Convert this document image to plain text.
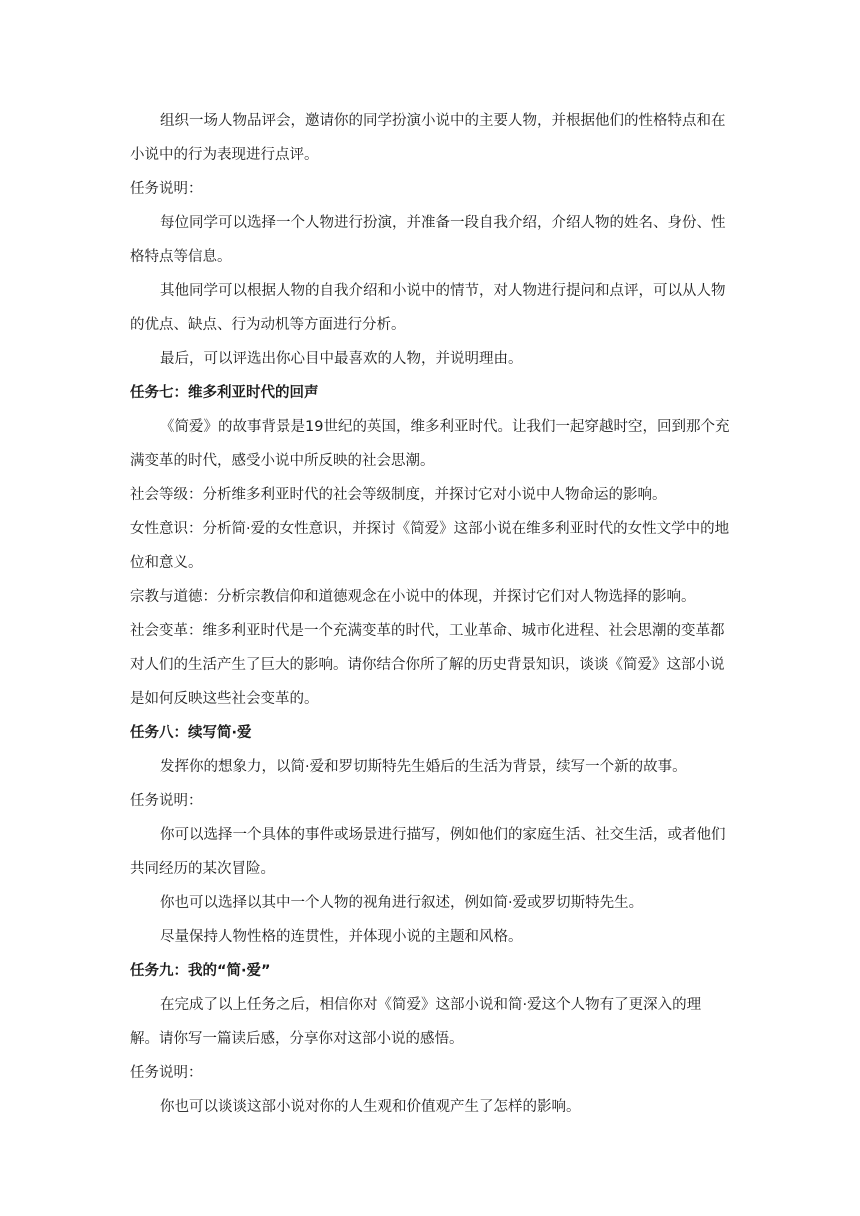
组织一场人物品评会，邀请你的同学扮演小说中的主要人物，并根据他们的性格特点和在小说中的行为表现进行点评。

任务说明：

每位同学可以选择一个人物进行扮演，并准备一段自我介绍，介绍人物的姓名、身份、性格特点等信息。

其他同学可以根据人物的自我介绍和小说中的情节，对人物进行提问和点评，可以从人物的优点、缺点、行为动机等方面进行分析。

最后，可以评选出你心目中最喜欢的人物，并说明理由。

任务七：维多利亚时代的回声

《简爱》的故事背景是19世纪的英国，维多利亚时代。让我们一起穿越时空，回到那个充满变革的时代，感受小说中所反映的社会思潮。

社会等级：分析维多利亚时代的社会等级制度，并探讨它对小说中人物命运的影响。

女性意识：分析简·爱的女性意识，并探讨《简爱》这部小说在维多利亚时代的女性文学中的地位和意义。

宗教与道德：分析宗教信仰和道德观念在小说中的体现，并探讨它们对人物选择的影响。

社会变革：维多利亚时代是一个充满变革的时代，工业革命、城市化进程、社会思潮的变革都对人们的生活产生了巨大的影响。请你结合你所了解的历史背景知识，谈谈《简爱》这部小说是如何反映这些社会变革的。

任务八：续写简·爱

发挥你的想象力，以简·爱和罗切斯特先生婚后的生活为背景，续写一个新的故事。

任务说明：

你可以选择一个具体的事件或场景进行描写，例如他们的家庭生活、社交生活，或者他们共同经历的某次冒险。

你也可以选择以其中一个人物的视角进行叙述，例如简·爱或罗切斯特先生。

尽量保持人物性格的连贯性，并体现小说的主题和风格。

任务九：我的“简·爱”

在完成了以上任务之后，相信你对《简爱》这部小说和简·爱这个人物有了更深入的理解。请你写一篇读后感，分享你对这部小说的感悟。

任务说明：

你也可以谈谈这部小说对你的人生观和价值观产生了怎样的影响。
